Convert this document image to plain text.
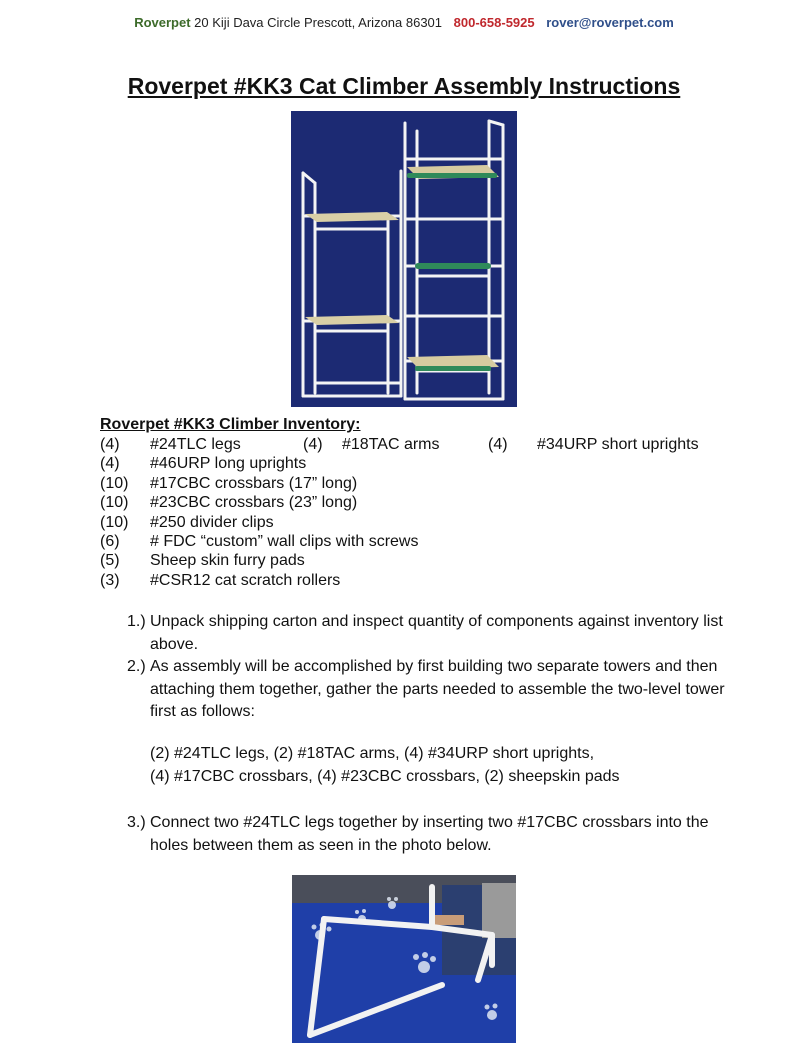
Roverpet 20 Kiji Dava Circle Prescott, Arizona 86301 800-658-5925 rover@roverpet.com
Roverpet #KK3 Cat Climber Assembly Instructions
Roverpet #KK3 Climber Inventory:
(4) #24TLC legs	(4) #18TAC arms	(4) #34URP short uprights
(4) #46URP long uprights
(10) #17CBC crossbars (17” long)
(10) #23CBC crossbars (23” long)
(10) #250 divider clips
(6) # FDC “custom” wall clips with screws
(5) Sheep skin furry pads
(3) #CSR12 cat scratch rollers
1.) Unpack shipping carton and inspect quantity of components against inventory list above.
2.) As assembly will be accomplished by first building two separate towers and then attaching them together, gather the parts needed to assemble the two-level tower first as follows:
(2) #24TLC legs, (2) #18TAC arms, (4) #34URP short uprights,
(4) #17CBC crossbars, (4) #23CBC crossbars, (2) sheepskin pads
3.) Connect two #24TLC legs together by inserting two #17CBC crossbars into the holes between them as seen in the photo below.
